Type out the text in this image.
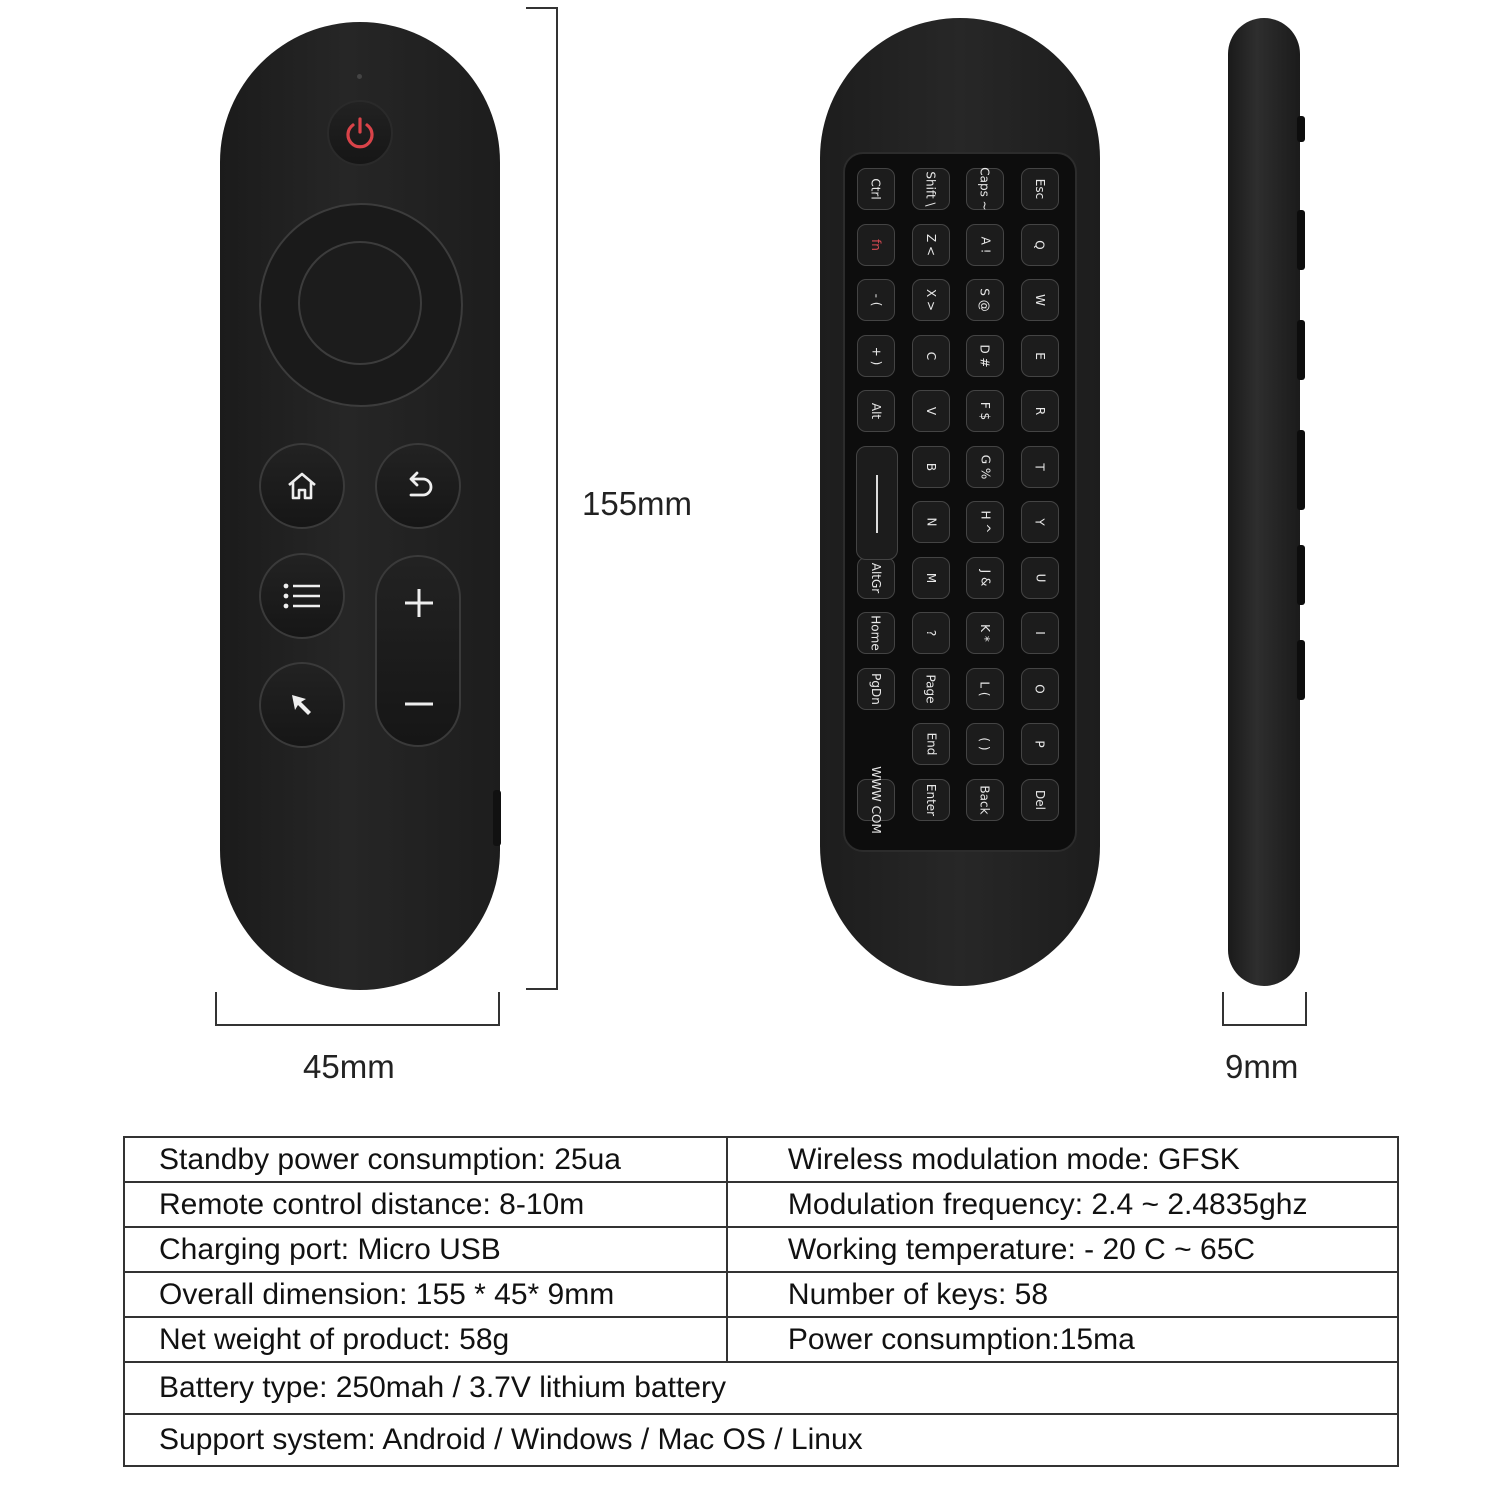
Esc
Caps ~
Shift \
Ctrl
Q
A !
Z <
fn
W
S @
X >
- (
E
D #
C
+ )
R
F $
V
Alt
T
G %
B
Y
H ^
N
U
J &
M
AltGr
I
K *
?
Home
O
L (
Page
PgDn
P
( )
End
Del
Back
Enter
WWW COM
155mm
45mm	9mm
Standby power consumption: 25ua	Wireless modulation mode: GFSK
Remote control distance: 8-10m	Modulation frequency: 2.4 ~ 2.4835ghz
Charging port: Micro USB	Working temperature: - 20 C ~ 65C
Overall dimension: 155 * 45* 9mm	Number of keys: 58
Net weight of product: 58g	Power consumption:15ma
Battery type: 250mah / 3.7V lithium battery	
Support system: Android / Windows / Mac OS / Linux	
